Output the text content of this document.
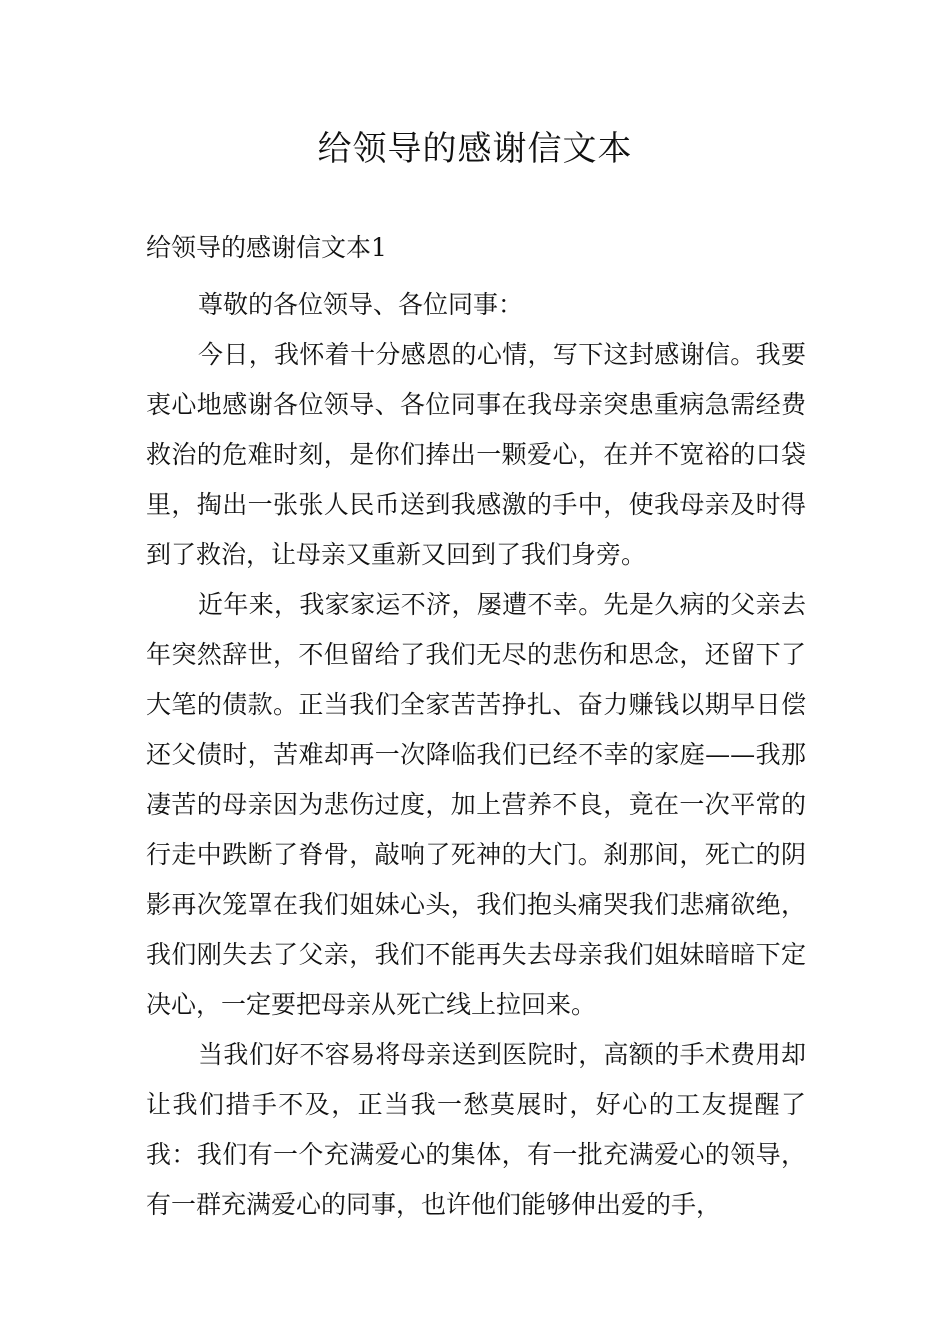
给领导的感谢信文本
给领导的感谢信文本1

尊敬的各位领导、各位同事：

今日，我怀着十分感恩的心情，写下这封感谢信。我要衷心地感谢各位领导、各位同事在我母亲突患重病急需经费救治的危难时刻，是你们捧出一颗爱心，在并不宽裕的口袋里，掏出一张张人民币送到我感激的手中，使我母亲及时得到了救治，让母亲又重新又回到了我们身旁。

近年来，我家家运不济，屡遭不幸。先是久病的父亲去年突然辞世，不但留给了我们无尽的悲伤和思念，还留下了大笔的债款。正当我们全家苦苦挣扎、奋力赚钱以期早日偿还父债时，苦难却再一次降临我们已经不幸的家庭——我那凄苦的母亲因为悲伤过度，加上营养不良，竟在一次平常的行走中跌断了脊骨，敲响了死神的大门。刹那间，死亡的阴影再次笼罩在我们姐妹心头，我们抱头痛哭我们悲痛欲绝，我们刚失去了父亲，我们不能再失去母亲我们姐妹暗暗下定决心，一定要把母亲从死亡线上拉回来。

当我们好不容易将母亲送到医院时，高额的手术费用却让我们措手不及，正当我一愁莫展时，好心的工友提醒了我：我们有一个充满爱心的集体，有一批充满爱心的领导，有一群充满爱心的同事，也许他们能够伸出爱的手，
